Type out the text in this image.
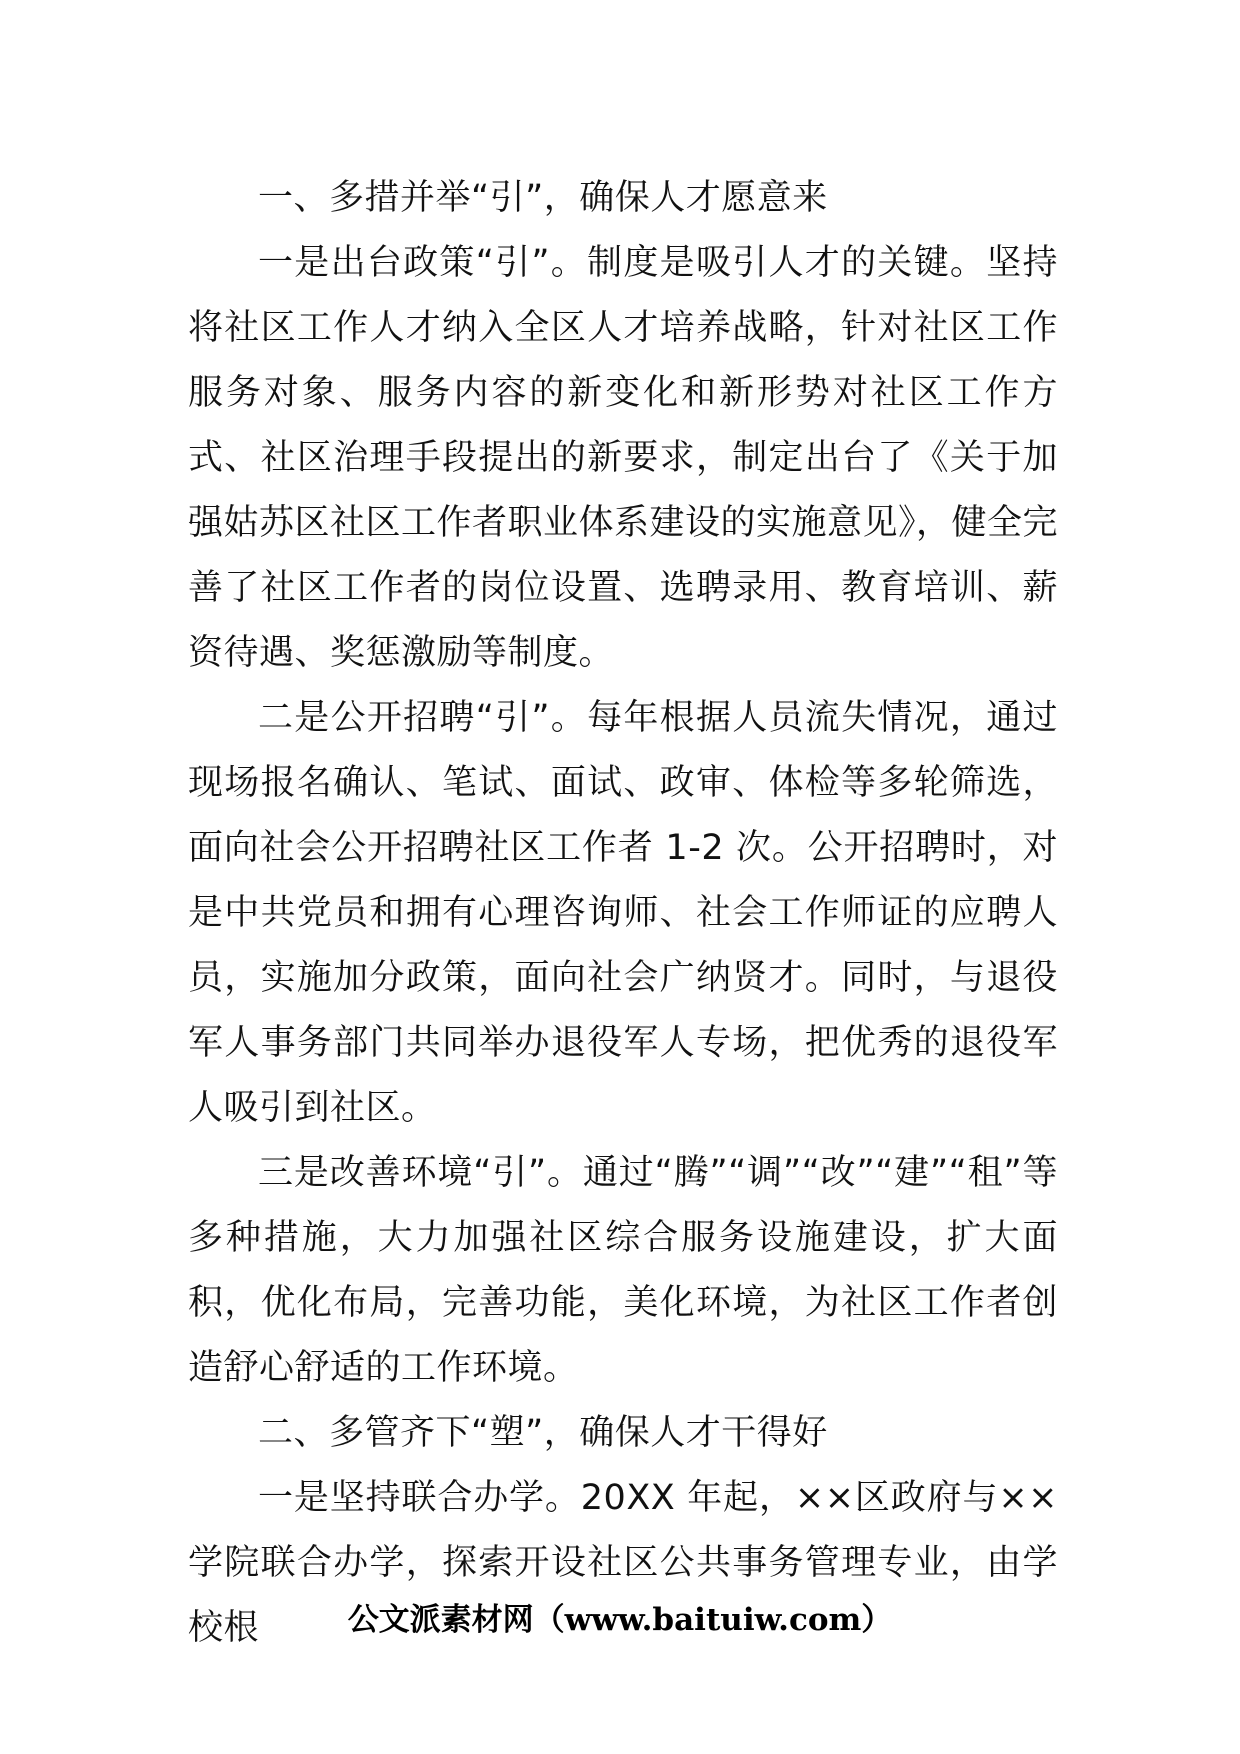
一、多措并举“引”，确保人才愿意来

一是出台政策“引”。制度是吸引人才的关键。坚持将社区工作人才纳入全区人才培养战略，针对社区工作服务对象、服务内容的新变化和新形势对社区工作方式、社区治理手段提出的新要求，制定出台了《关于加强姑苏区社区工作者职业体系建设的实施意见》，健全完善了社区工作者的岗位设置、选聘录用、教育培训、薪资待遇、奖惩激励等制度。

二是公开招聘“引”。每年根据人员流失情况，通过现场报名确认、笔试、面试、政审、体检等多轮筛选，面向社会公开招聘社区工作者 1-2 次。公开招聘时，对是中共党员和拥有心理咨询师、社会工作师证的应聘人员，实施加分政策，面向社会广纳贤才。同时，与退役军人事务部门共同举办退役军人专场，把优秀的退役军人吸引到社区。

三是改善环境“引”。通过“腾”“调”“改”“建”“租”等多种措施，大力加强社区综合服务设施建设，扩大面积，优化布局，完善功能，美化环境，为社区工作者创造舒心舒适的工作环境。

二、多管齐下“塑”，确保人才干得好

一是坚持联合办学。20XX 年起，××区政府与××学院联合办学，探索开设社区公共事务管理专业，由学校根	公文派素材网（www.baituiw.com）
